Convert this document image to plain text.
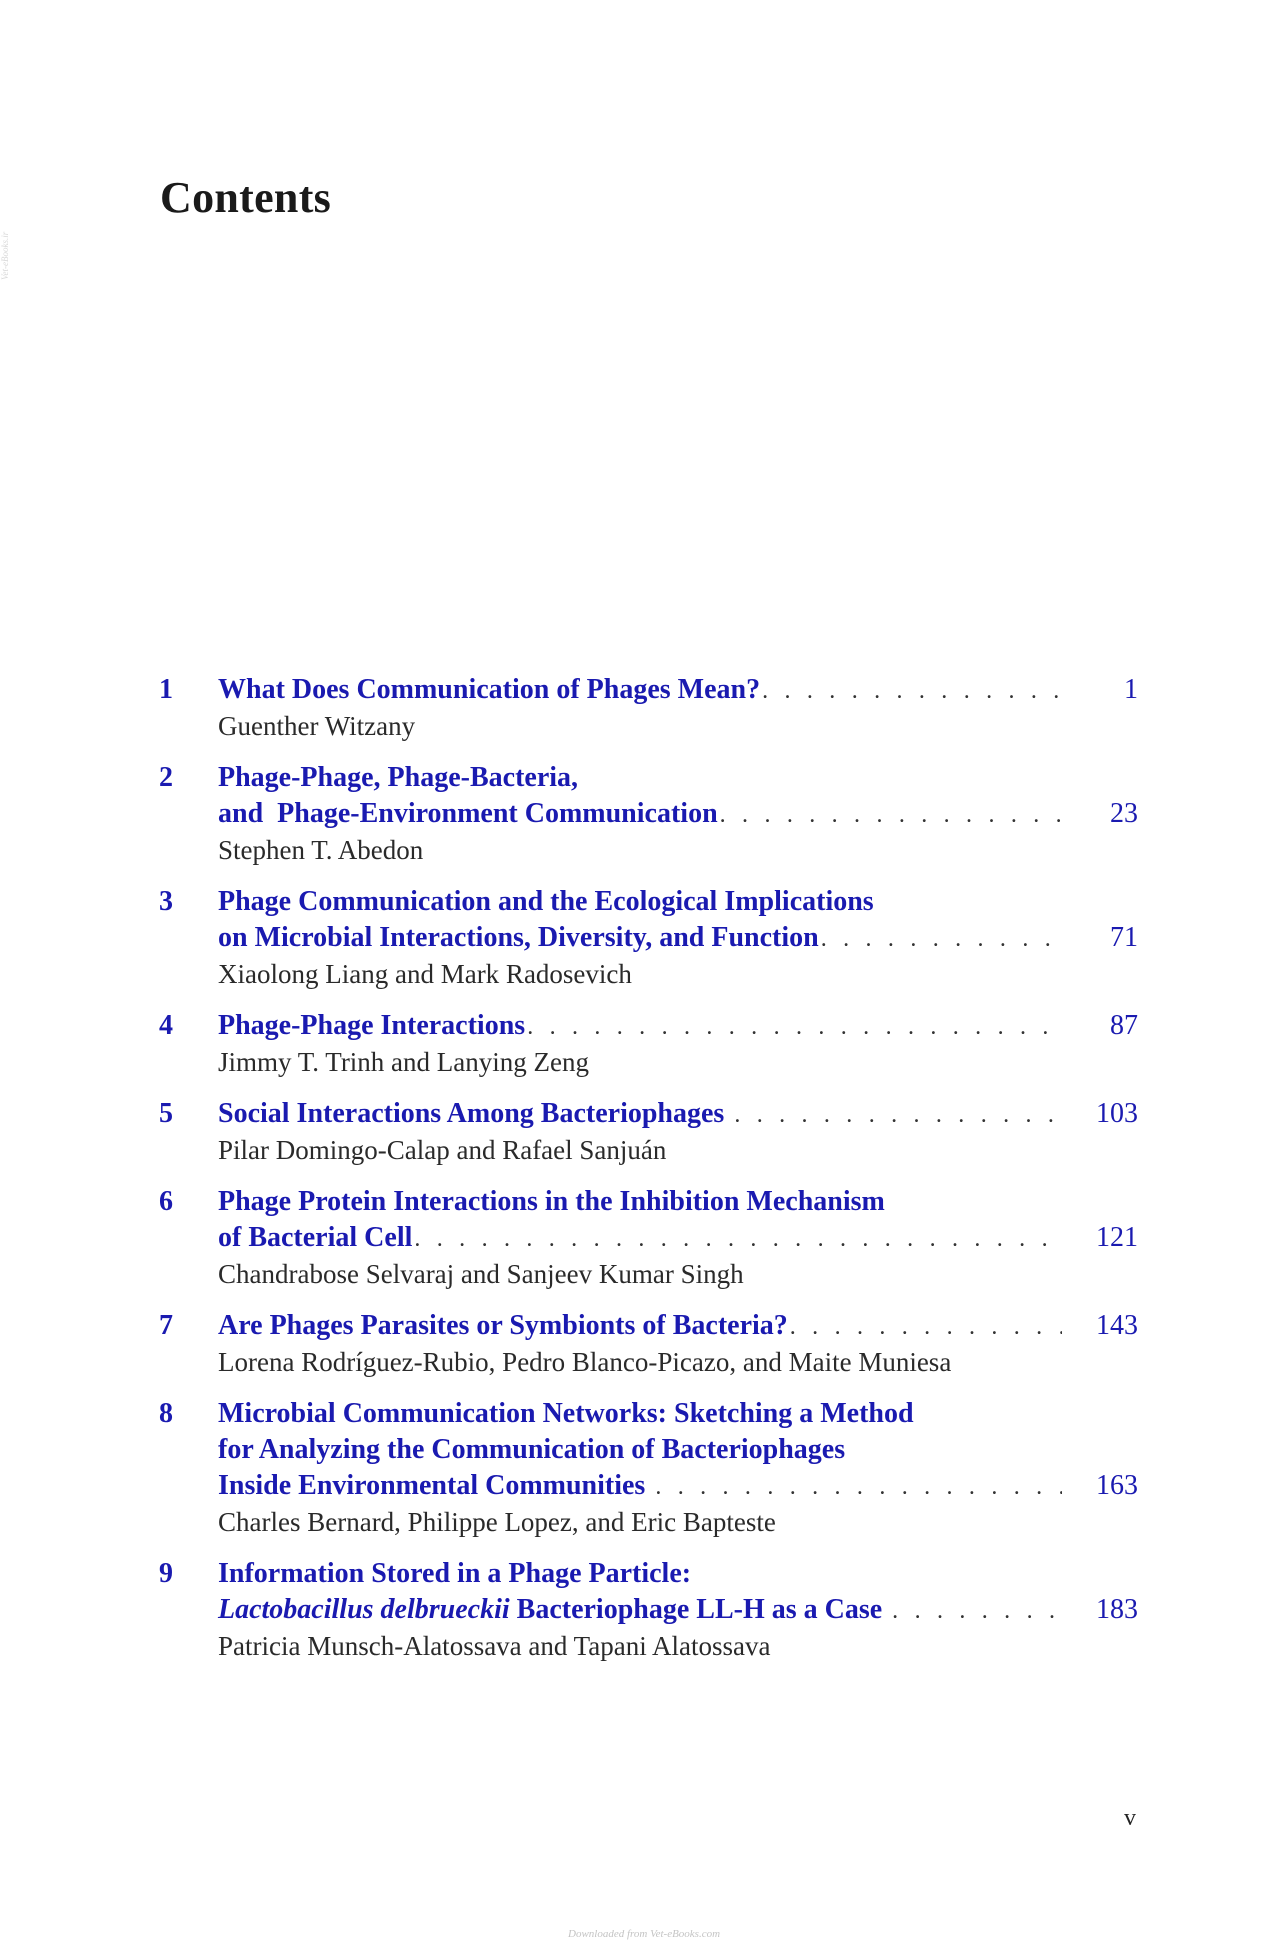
Vet-eBooks.ir
Contents
1 What Does Communication of Phages Mean? . . .	1
Guenther Witzany
2 Phage-Phage, Phage-Bacteria,
and  Phage-Environment Communication . . .	23
Stephen T. Abedon
3 Phage Communication and the Ecological Implications
on Microbial Interactions, Diversity, and Function . . .	71
Xiaolong Liang and Mark Radosevich
4 Phage-Phage Interactions . . .	87
Jimmy T. Trinh and Lanying Zeng
5 Social Interactions Among Bacteriophages . . .	103
Pilar Domingo-Calap and Rafael Sanjuán
6 Phage Protein Interactions in the Inhibition Mechanism
of Bacterial Cell . . .	121
Chandrabose Selvaraj and Sanjeev Kumar Singh
7 Are Phages Parasites or Symbionts of Bacteria? . . .	143
Lorena Rodríguez-Rubio, Pedro Blanco-Picazo, and Maite Muniesa
8 Microbial Communication Networks: Sketching a Method
for Analyzing the Communication of Bacteriophages
Inside Environmental Communities . . .	163
Charles Bernard, Philippe Lopez, and Eric Bapteste
9 Information Stored in a Phage Particle:
Lactobacillus delbrueckii Bacteriophage LL-H as a Case . . .	183
Patricia Munsch-Alatossava and Tapani Alatossava
v
Downloaded from Vet-eBooks.com
